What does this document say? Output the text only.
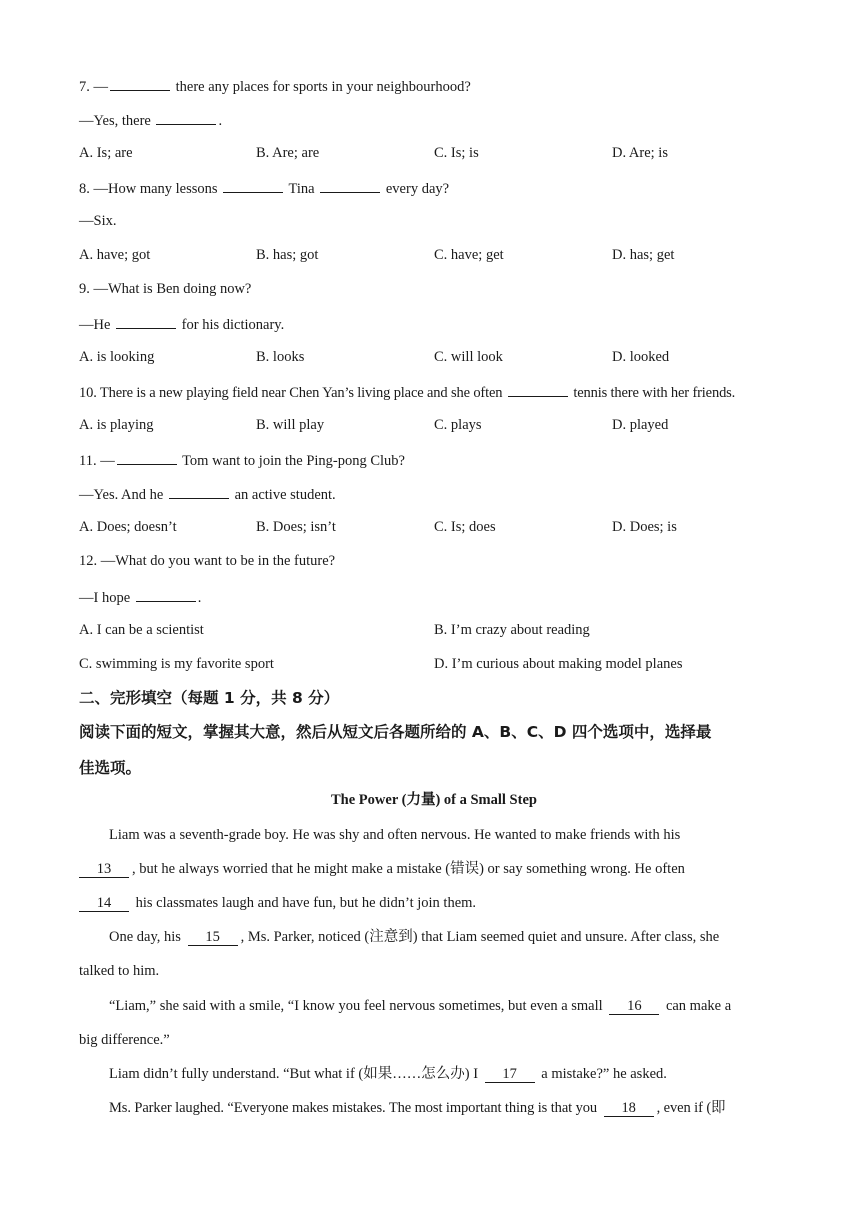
7. —	there any places for sports in your neighbourhood?
—Yes, there	.
A. Is; are	B. Are; are	C. Is; is	D. Are; is
8. —How many lessons	Tina	every day?
—Six.
A. have; got	B. has; got	C. have; get	D. has; get
9. —What is Ben doing now?
—He	for his dictionary.
A. is looking	B. looks	C. will look	D. looked
10. There is a new playing field near Chen Yan’s living place and she often	tennis there with her friends.
A. is playing	B. will play	C. plays	D. played
11. —	Tom want to join the Ping-pong Club?
—Yes. And he	an active student.
A. Does; doesn’t	B. Does; isn’t	C. Is; does	D. Does; is
12. —What do you want to be in the future?
—I hope	.
A. I can be a scientist	B. I’m crazy about reading
C. swimming is my favorite sport	D. I’m curious about making model planes
二、完形填空（每题 1 分，共 8 分）
阅读下面的短文，掌握其大意，然后从短文后各题所给的 A、B、C、D 四个选项中，选择最
佳选项。
The Power (力量) of a Small Step
Liam was a seventh-grade boy. He was shy and often nervous. He wanted to make friends with his
13 , but he always worried that he might make a mistake (错误) or say something wrong. He often
14 his classmates laugh and have fun, but he didn’t join them.
One day, his 15 , Ms. Parker, noticed (注意到) that Liam seemed quiet and unsure. After class, she
talked to him.
“Liam,” she said with a smile, “I know you feel nervous sometimes, but even a small 16 can make a
big difference.”
Liam didn’t fully understand. “But what if (如果……怎么办) I 17 a mistake?” he asked.
Ms. Parker laughed. “Everyone makes mistakes. The most important thing is that you 18 , even if (即
